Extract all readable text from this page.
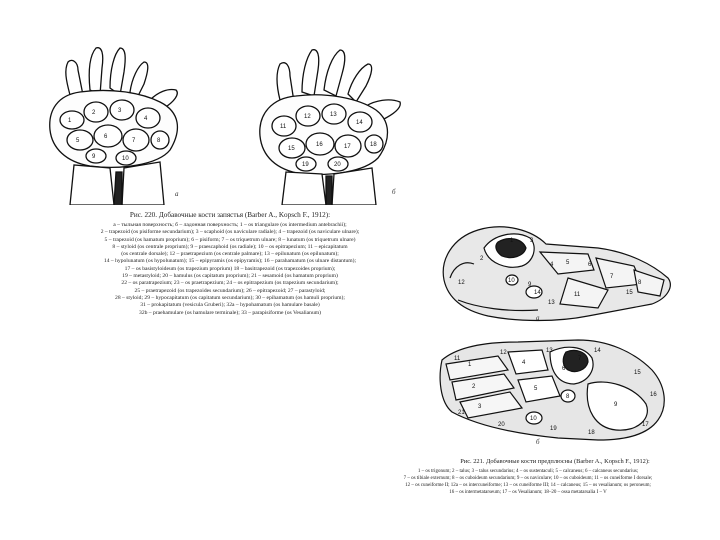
1
2	3
4
5
6
7	8
9	10
11
12	13
14
15
16	17	18
19	20
а	б
Рис. 220. Добавочные кости запястья (Barber A., Kopsch F., 1912):
а – тыльная поверхность; б – ладонная поверхность; 1 – os triangulare (os intermedium antebrachii);
2 – trapezoid (os pisiforme secundarium); 3 – scaphoid (os naviculare radiale); 4 – trapezoid (os naviculare ulnare);
5 – trapezoid (os hamatum proprium); 6 – pisiform; 7 – os triquetrum ulnare; 8 – lunatum (os triquetrum ulnare)
8 – styloid (os centrale proprium); 9 – praescaphoid (os radiale); 10 – os epitrapezium; 11 – epicapitatum
(os centrale dorsale); 12 – praetrapezium (os centrale palmare); 13 – epilunatum (os epilunatum);
14 – hypolunatum (os hypolunatum); 15 – epipyramis (os epipyramis); 16 – parahamatum (os ulnare distantum);
17 – os basistyloideum (os trapezium proprium) 18 – basitrapezoid (os trapezoides proprium);
19 – metastyloid; 20 – hamulus (os capitatum proprium); 21 – sesamoid (os hamatum proprium)
22 – os paratrapezium; 23 – os praetrapezium; 24 – os epitrapezium (os trapezium secundarium);
25 – praetrapezoid (os trapezoides secundarium); 26 – epitrapezoid; 27 – parastyloid;
28 – styloid; 29 – hypocapitatum (os capitatum secundarium); 30 – epihamatum (os hamuli proprium);
31 – prokapitatum (vesicula Gruberi); 32a – hypohamatum (os hamulare basale)
32b – praehamulare (os hamulare terminale); 33 – parapisiforme (os Vesalianum)
1
2
3
4 5	6
7
8
9
10
11
12
13
14	15
а
1
2
3
4
5
6
7
8
9
10
11
12	13	14
15
16
17
18
19
20
21
б
Рис. 221. Добавочные кости предплюсны (Barber A., Kopsch F., 1912):
1 – os trigonum; 2 – talus; 3 – talus secundarius; 4 – os sustentaculi; 5 – calcaneus; 6 – calcaneus secundarius;
7 – os tibiale externum; 8 – os cuboideum secundarium; 9 – os naviculare; 10 – os cuboideum; 11 – os cuneiforme I dorsale;
12 – os cuneiforme II; 12a – os intercuneiforme; 13 – os cuneiforme III; 14 – calcaneus; 15 – os vesalianum; os peroneum;
16 – os intermetatarseum; 17 – os Vesalianum; 18–20 – ossa metatarsalia I – V
